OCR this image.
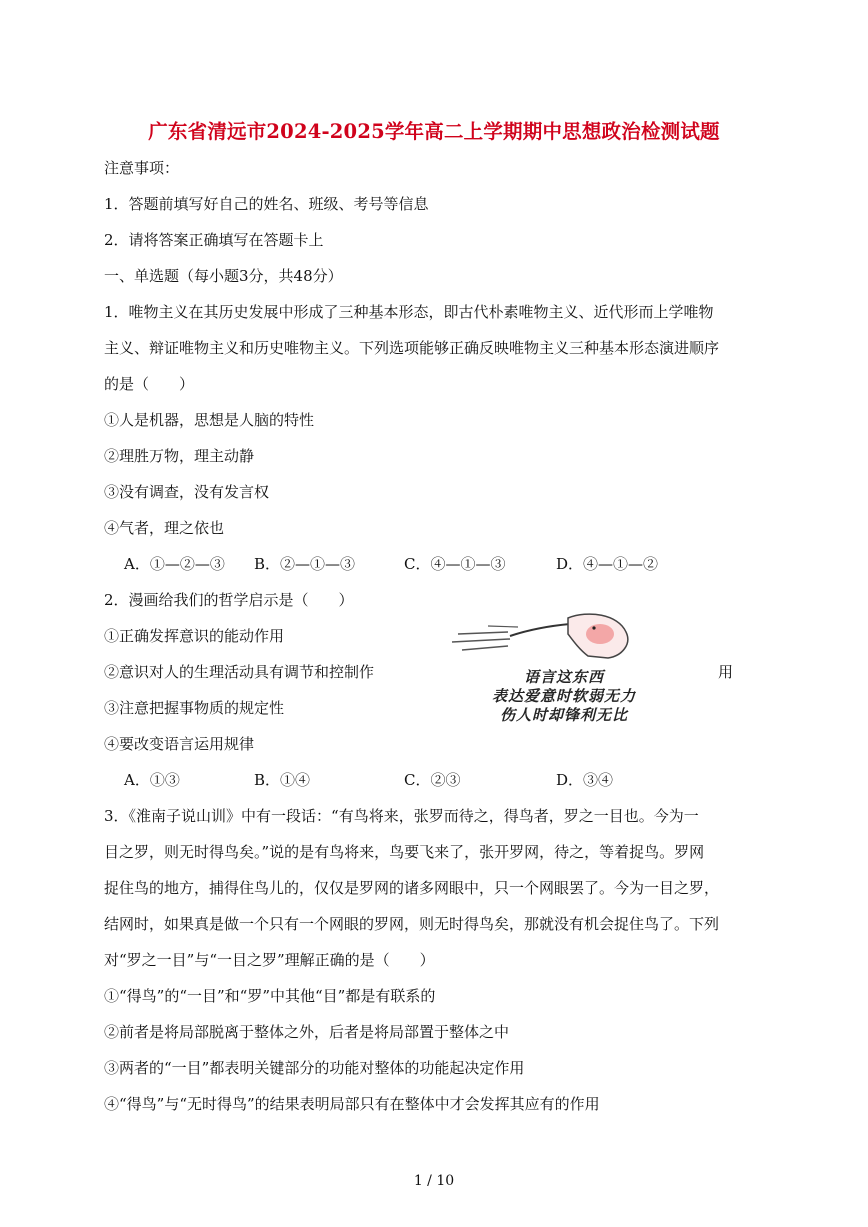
广东省清远市2024-2025学年高二上学期期中思想政治检测试题
注意事项：
1．答题前填写好自己的姓名、班级、考号等信息
2．请将答案正确填写在答题卡上
一、单选题（每小题3分，共48分）
1．唯物主义在其历史发展中形成了三种基本形态，即古代朴素唯物主义、近代形而上学唯物
主义、辩证唯物主义和历史唯物主义。下列选项能够正确反映唯物主义三种基本形态演进顺序
的是（　　）
①人是机器，思想是人脑的特性
②理胜万物，理主动静
③没有调查，没有发言权
④气者，理之依也
A．①—②—③ B．②—①—③	C．④—①—③	D．④—①—②
2．漫画给我们的哲学启示是（　　）
①正确发挥意识的能动作用
②意识对人的生理活动具有调节和控制作	用
③注意把握事物质的规定性
④要改变语言运用规律
语言这东西
表达爱意时软弱无力
伤人时却锋利无比
A．①③	B．①④	C．②③	D．③④
3．《淮南子说山训》中有一段话：“有鸟将来，张罗而待之，得鸟者，罗之一目也。今为一
目之罗，则无时得鸟矣。”说的是有鸟将来，鸟要飞来了，张开罗网，待之，等着捉鸟。罗网
捉住鸟的地方，捕得住鸟儿的，仅仅是罗网的诸多网眼中，只一个网眼罢了。今为一目之罗，
结网时，如果真是做一个只有一个网眼的罗网，则无时得鸟矣，那就没有机会捉住鸟了。下列
对“罗之一目”与“一目之罗”理解正确的是（　　）
①“得鸟”的“一目”和“罗”中其他“目”都是有联系的
②前者是将局部脱离于整体之外，后者是将局部置于整体之中
③两者的“一目”都表明关键部分的功能对整体的功能起决定作用
④“得鸟”与“无时得鸟”的结果表明局部只有在整体中才会发挥其应有的作用
1 / 10
